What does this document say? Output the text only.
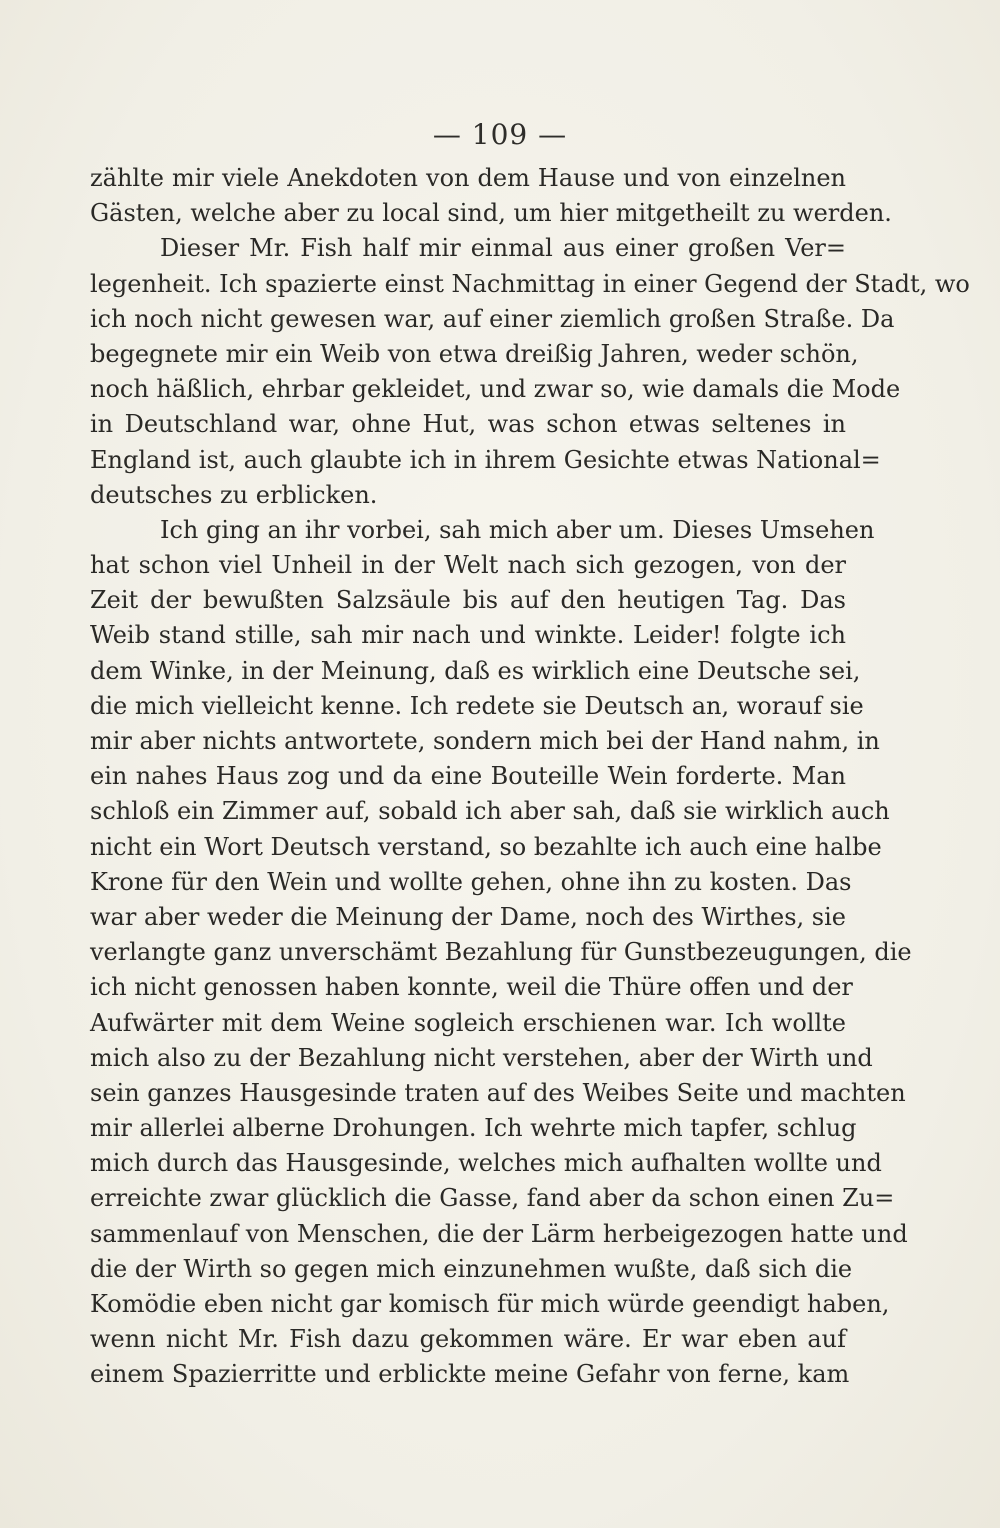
— 109 —
zählte mir viele Anekdoten von dem Hause und von einzelnen
Gästen, welche aber zu local sind, um hier mitgetheilt zu werden.
Dieser Mr. Fish half mir einmal aus einer großen Ver=
legenheit. Ich spazierte einst Nachmittag in einer Gegend der Stadt, wo
ich noch nicht gewesen war, auf einer ziemlich großen Straße. Da
begegnete mir ein Weib von etwa dreißig Jahren, weder schön,
noch häßlich, ehrbar gekleidet, und zwar so, wie damals die Mode
in Deutschland war, ohne Hut, was schon etwas seltenes in
England ist, auch glaubte ich in ihrem Gesichte etwas National=
deutsches zu erblicken.
Ich ging an ihr vorbei, sah mich aber um. Dieses Umsehen
hat schon viel Unheil in der Welt nach sich gezogen, von der
Zeit der bewußten Salzsäule bis auf den heutigen Tag. Das
Weib stand stille, sah mir nach und winkte. Leider! folgte ich
dem Winke, in der Meinung, daß es wirklich eine Deutsche sei,
die mich vielleicht kenne. Ich redete sie Deutsch an, worauf sie
mir aber nichts antwortete, sondern mich bei der Hand nahm, in
ein nahes Haus zog und da eine Bouteille Wein forderte. Man
schloß ein Zimmer auf, sobald ich aber sah, daß sie wirklich auch
nicht ein Wort Deutsch verstand, so bezahlte ich auch eine halbe
Krone für den Wein und wollte gehen, ohne ihn zu kosten. Das
war aber weder die Meinung der Dame, noch des Wirthes, sie
verlangte ganz unverschämt Bezahlung für Gunstbezeugungen, die
ich nicht genossen haben konnte, weil die Thüre offen und der
Aufwärter mit dem Weine sogleich erschienen war. Ich wollte
mich also zu der Bezahlung nicht verstehen, aber der Wirth und
sein ganzes Hausgesinde traten auf des Weibes Seite und machten
mir allerlei alberne Drohungen. Ich wehrte mich tapfer, schlug
mich durch das Hausgesinde, welches mich aufhalten wollte und
erreichte zwar glücklich die Gasse, fand aber da schon einen Zu=
sammenlauf von Menschen, die der Lärm herbeigezogen hatte und
die der Wirth so gegen mich einzunehmen wußte, daß sich die
Komödie eben nicht gar komisch für mich würde geendigt haben,
wenn nicht Mr. Fish dazu gekommen wäre. Er war eben auf
einem Spazierritte und erblickte meine Gefahr von ferne, kam
